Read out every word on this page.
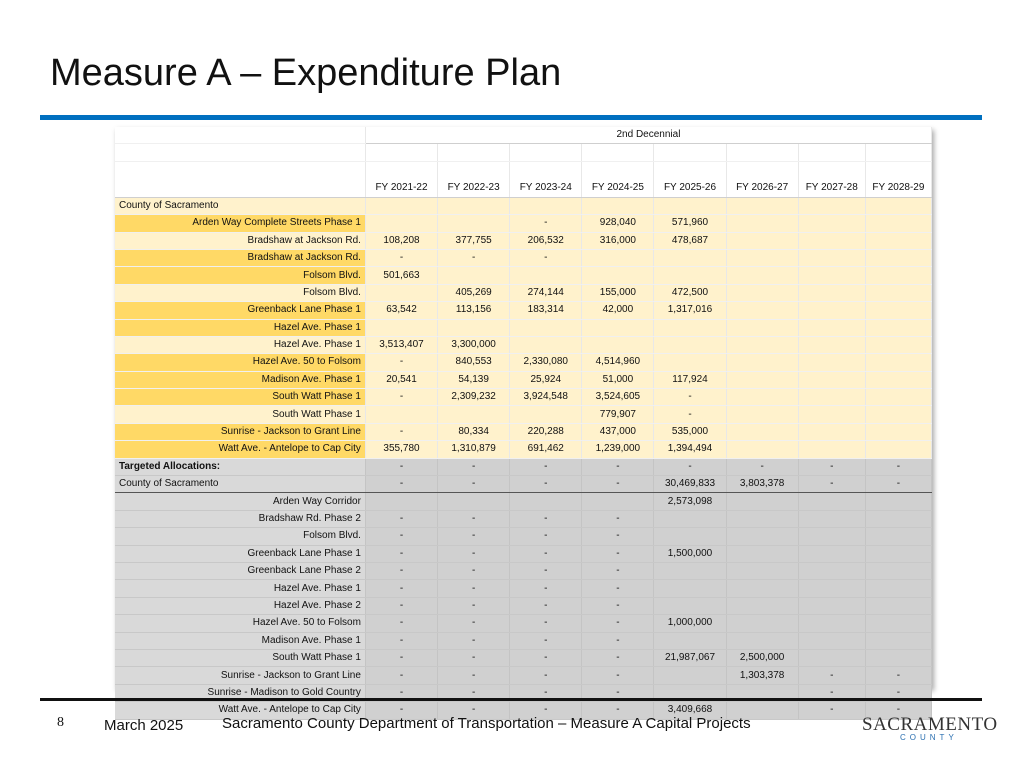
Measure A – Expenditure Plan
	2nd Decennial							

	FY 2021-22	FY 2022-23	FY 2023-24	FY 2024-25	FY 2025-26	FY 2026-27	FY 2027-28	FY 2028-29
County of Sacramento								
Arden Way Complete Streets Phase 1			-	928,040	571,960			
Bradshaw at Jackson Rd.	108,208	377,755	206,532	316,000	478,687			
Bradshaw at Jackson Rd.	-	-	-					
Folsom Blvd.	501,663							
Folsom Blvd.		405,269	274,144	155,000	472,500			
Greenback Lane Phase 1	63,542	113,156	183,314	42,000	1,317,016			
Hazel Ave. Phase 1								
Hazel Ave. Phase 1	3,513,407	3,300,000						
Hazel Ave. 50 to Folsom	-	840,553	2,330,080	4,514,960				
Madison Ave. Phase 1	20,541	54,139	25,924	51,000	117,924			
South Watt Phase 1	-	2,309,232	3,924,548	3,524,605	-			
South Watt Phase 1				779,907	-			
Sunrise - Jackson to Grant Line	-	80,334	220,288	437,000	535,000			
Watt Ave. - Antelope to Cap City	355,780	1,310,879	691,462	1,239,000	1,394,494			
Targeted Allocations:	-	-	-	-	-	-	-	-
County of Sacramento	-	-	-	-	30,469,833	3,803,378	-	-
Arden Way Corridor					2,573,098			
Bradshaw Rd. Phase 2	-	-	-	-				
Folsom Blvd.	-	-	-	-				
Greenback Lane Phase 1	-	-	-	-	1,500,000			
Greenback Lane Phase 2	-	-	-	-				
Hazel Ave. Phase 1	-	-	-	-				
Hazel Ave. Phase 2	-	-	-	-				
Hazel Ave. 50 to Folsom	-	-	-	-	1,000,000			
Madison Ave. Phase 1	-	-	-	-				
South Watt Phase 1	-	-	-	-	21,987,067	2,500,000		
Sunrise - Jackson to Grant Line	-	-	-	-		1,303,378	-	-
Sunrise - Madison to Gold Country	-	-	-	-			-	-
Watt Ave. - Antelope to Cap City	-	-	-	-	3,409,668		-	-
8	March 2025	Sacramento County Department of Transportation – Measure A Capital Projects	SACRAMENTO
COUNTY
